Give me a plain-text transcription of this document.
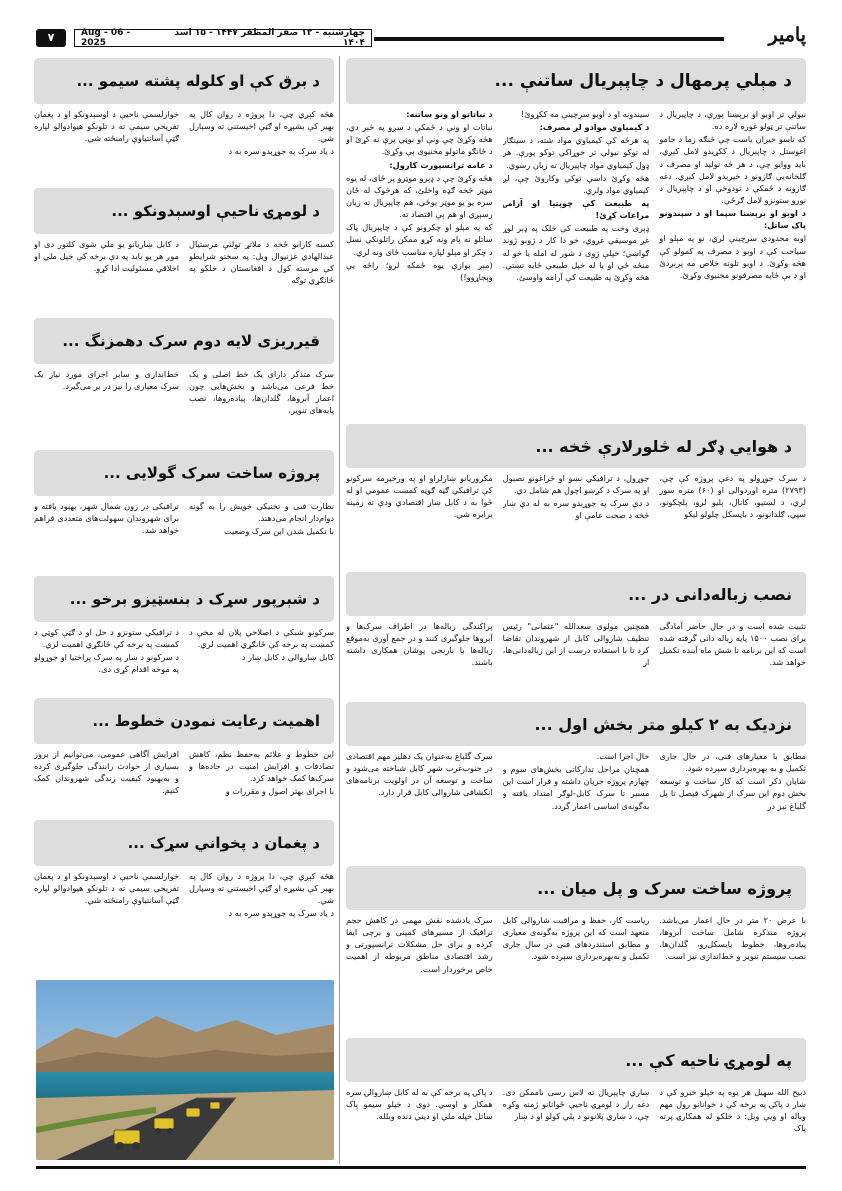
پامير
چهارشنبه - ۱۲ صفر المظفر ۱۴۴۷ - ۱۵ اسد ۱۴۰۴
Aug - 06 - 2025
۷
د مېلي پرمهال د چاپېريال ساتنې ...

نيولي تر اوبو او برېښنا پورې، د چاپېريال د ساتنې تر ټولو غوره لاره ده.

که تاسو حیران یاست چې څنګه زما د جامو اغوستل د چاپېريال د ککړېدو لامل کېږي، بايد ووايو چې، د هر څه تولید او مصرف د ګلخانه‌يي ګازونو د خپرېدو لامل کېږي. دغه ګازونه د ځمکې د تودوخې او د چاپېريال د نورو ستونزو لامل ګرځي.

د اوبو او برېښنا سپما او د سپندونو پاک ساتل:

اوبه محدودې سرچینې لري، نو په مېلو او سیاحت کې د اوبو د مصرف په کمولو کې هڅه وکړئ. د اوبو تلونه خلاص مه پرېږدئ او د بې ځایه مصرفونو مخنیوی وکړئ.

سیندونه او د اوبو سرچینې مه ککړوئ!

د کیمیاوي موادو لږ مصرف:

په هرڅه کې کیمیاوي مواد شته، د سينګار له توکو نيولي تر خوړاکي توکو پورې. هر ډول کیمیاوي مواد چاپېريال ته زيان رسوي.

هڅه وکړئ داسې توکي وکاروئ چې، لږ کیمیاوي مواد ولري.

په طبيعت کې چوپتیا او آرامۍ مراعات کړئ!

ډېری وخت په طبیعت کې خلک په ډېر لوړ غږ موسیقي غږوي، خو دا کار د ژوبو ژوند ګواښي؛ خپلې ژوی د شور له امله یا خو له منځه ځي او يا له خپل طبيعي ځايه تښتي. هڅه وکړئ په طبيعت کې آرامه واوسئ.

د نباتاتو او ونو ساتنه:

نباتات او ونې د ځمکې د سږو په څېر دي، هڅه وکړئ چې ونې او بوټي پرې نه کړئ او د ځانګو ماتولو مخنیوی ېې وکړئ.

د عامه ترانسپورت کارول:

هڅه وکړئ چې د ډېرو موټرو پر ځای، له یوه موټر څخه ګډه واخلئ، که هرڅوک له ځان سره یو یو موټر بوځي، هم چاپېريال ته زيان رسېږي او هم پې اقتصاد ته.

که په مېلو او چکرونو کې د چاپېريال پاک ساتلو ته پام ونه کړو ممکن راتلونکي نسل د چکر او مېلو لپاره مناسب ځای ونه لري.

(مېږ یوازې یوه ځمکه لرو؛ راځه یې وېجاړوو!)

د هوايي ډګر له څلورلارې څخه ...

د سرک جوړولو په دغې پروژه کې چې، (۲۷۹۳) متره اوږدوالی او (۶۰) متره سور لري، د لښتيو، کانال، پلیو لرو، پلچکونو، سپي، ګلدانونو، د بايسکل چلولو لیکو

جوړول، د ترافیکي نښو او څراغونو نصبول او په سرک د کږښو اچول هم شامل دي.

د دې سرک په جوړېدو سره به له دې ښار څخه د صحت عامې او

مکروريانو ښارلراو او په ورخپرمه سرکونو کې ترافیکي ګڼه ګوڼه کمښت عمومي او له څوا به د کابل ښار اقتصادي ودې ته زمينه برابره شي.

نصب زباله‌دانی در ...

تثبیت شده است و در حال حاضر آمادگی برای نصب ۱۵۰۰ پایه زباله دانی گرفته شده است که این برنامه تا شش ماه آینده تکمیل خواهد شد.

همچنین مولوی سعدالله "عثمانی" رئیس تنظیف شاروالی کابل از شهروندان تقاضا کرد تا با استفاده درست از این زباله‌دانی‌ها، از

پراکندگی زباله‌ها در اطراف سرک‌ها و آبروها جلوگیری کنند و در جمع آوری به‌موقع زباله‌ها با نارنجی پوشان همکاری داشته باشند.

نزدیک به ۲ کیلو متر بخش اول ...

مطابق با معیارهای فنی، در حال جاری تکمیل و به بهره‌برداری سپرده شود.

شایان ذکر است که کار ساخت و توسعه بخش دوم این سرک از شهرک فیصل تا پل گلباغ نیز در

حال اجرا است.

همچنان مراحل تدارکاتی بخش‌های سوم و چهارم پروژه جریان داشته و قرار است این مسیر تا سرک کابل-لوګر امتداد یافته و به‌گونه‌ی اساسی اعمار گردد.

سرک گلباغ به‌عنوان یک دهلیز مهم اقتصادی در جنوب‌غرب شهر کابل شناخته می‌شود و ساخت و توسعه آن در اولویت برنامه‌های انکشافی شاروالی کابل قرار دارد.

پروژه ساخت سرک و پل میان ...

با عرض ۲۰ متر در حال اعمار می‌باشد. پروژه متذکره شامل ساخت آبروها، پیاده‌روها، خطوط بایسکل‌رو، گلدان‌ها، نصب سیستم تنویر و خط‌اندازی نیز است.

ریاست کار، حفظ و مراقبت شاروالی کابل متعهد است که این پروژه به‌گونه‌ی معیاری و مطابق استندردهای فنی در سال جاری تکمیل و به‌بهره‌برداری سپرده شود.

سرک یادشده نقش مهمی در کاهش حجم ترافیک از مسیرهای کمپنی و برچی ایفا کرده و برای حل مشکلات ترانسپورتی و رشد اقتصادی مناطق مربوطه از اهمیت خاص برخوردار است.

په لومړۍ ناحیه کې ...

ذبیح الله سهیل هر یوه په خپلو خبرو کې د ښار د پاکۍ په برخه کې د خوانانو رول مهم وباله او ویې ویل: د خلکو له همکارۍ پرته پاک

ښاري چاپېريال ته لاس رسی ناممکن دی. دغه راز د لومړۍ ناحیې ځوانانو ژمنه وکړه چې، د ښاري پلانونو د پلي کولو او د ښار

د پاکۍ په برخه کې به له کابل ښاروالۍ سره همکار و اوسي. دوی د خپلو سیمو پاک ساتل خپله ملي او ديني دنده وبلله.

د برق کې او کلوله پشته سیمو ...

هڅه کېږي چې، دا پروژه د روان کال په بهیر کې بشپړه او ګټې اخیستنې ته وسپارل شي.

د یاد سرک په جوړېدو سره به د

خوارلسمې ناحیې د اوسېدونکو او د پغمان تفریحي سیمې ته د تلونکو هیوادوالو لپاره ګټې آسانتیاوې رامنځته شي.

د لومړۍ ناحیې اوسېدونکو ...

کسبه کارانو څخه د ملاتړ تولنې مرستیال عبدالهادي غزنیوال ویل: په سختو شرایطو کې مرسته کول د افغانستان د خلکو په ځانګړي توګه

د کابل ښاريانو یو ملي شوی کلتور دی او موږ هر یو باید په دې برخه کې خپل ملي او اخلاقي مسئولیت ادا کړو.

قیرریزی لایه دوم سرک دهمزنگ ...

سرک متذکر دارای یک خط اصلی و یک خط فرعی می‌باشد و بخش‌هایی چون اعمار آبروها، گلدان‌ها، پیاده‌روها، نصب پایه‌های تنویر،

خط‌اندازی و سایر اجزای مورد نیاز یک سرک معیاری را نیز در بر می‌گیرد.

پروژه ساخت سرک گولایی ...

نظارت فنی و تخنیکی خویش را به گونه دوام‌دار انجام می‌دهند.

با تکمیل شدن این سرک وضعیت

ترافیکی در زون شمال شهر، بهبود یافته و برای شهروندان سهولت‌های متعددی فراهم خواهد شد.

د شېرپور سړک د بنسټیزو برخو ...

سرکونو شبکې د اصلاحي پلان له مخې د کمښت په برخه کې ځانګړي اهمیت لري.

کابل ښاروالي د کابل ښار د

د ترافیکي ستونزو د حل او د ګټې کوټي د کمښت په برخه کې ځانګړي اهمیت لري.

د سرکونو د ښار په سرک پراختیا او جوړولو په موخه اقدام کړی دی.

اهمیت رعایت نمودن خطوط ...

این خطوط و علائم به‌حفظ نظم، کاهش تصادفات و افزایش امنیت در جاده‌ها و سرک‌ها کمک خواهد کرد.

با اجرای بهتر اصول و مقررات و

افزایش آگاهی عمومی، می‌توانیم از بروز بسیاری از حوادث رانندگی جلوگیری کرده و به‌بهبود کیفیت زندگی شهروندان کمک کنیم.

د پغمان د پخواني سړک ...

هڅه کېږي چې، دا پروژه د روان کال په بهیر کې بشپړه او ګټې اخیستنې ته وسپارل شي.

د یاد سرک په جوړېدو سره به د

خوارلسمې ناحیې د اوسېدونکو او د پغمان تفریحي سیمې ته د تلونکو هیوادوالو لپاره ګټې آسانتیاوې رامنځته شي.
